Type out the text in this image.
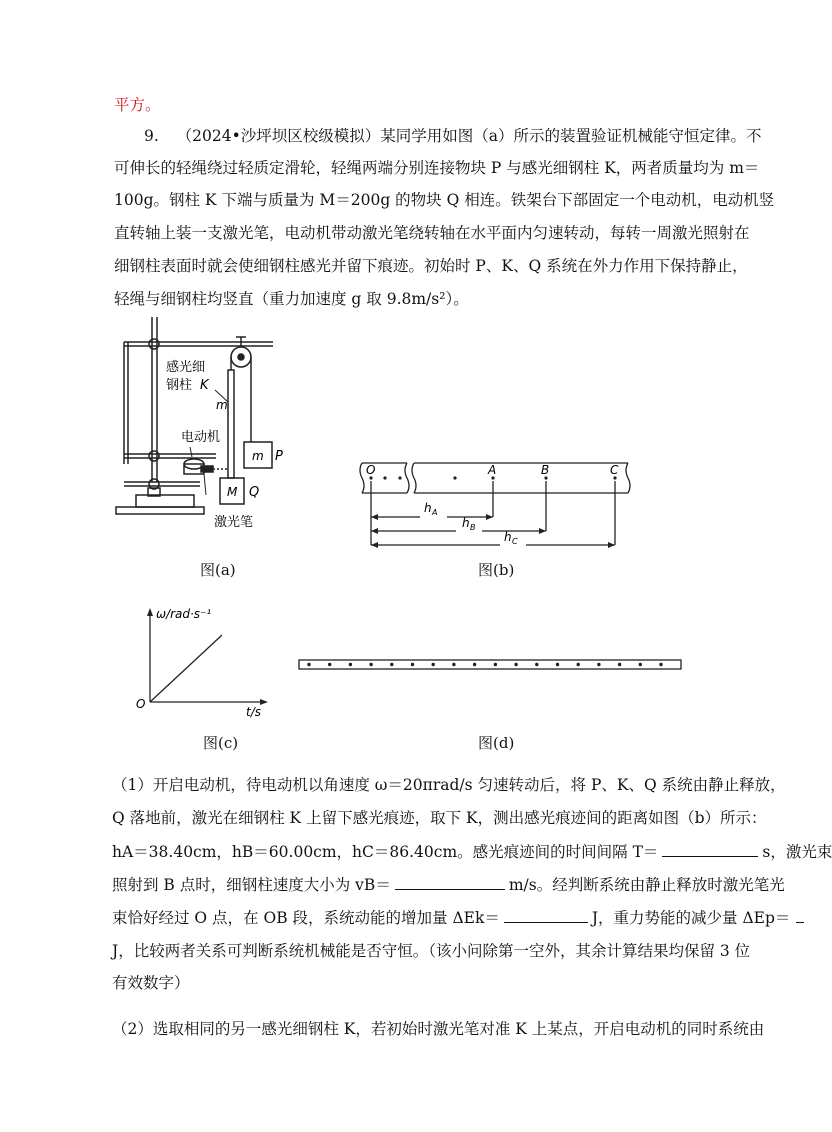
平方。
9. （2024•沙坪坝区校级模拟）某同学用如图（a）所示的装置验证机械能守恒定律。不
可伸长的轻绳绕过轻质定滑轮，轻绳两端分别连接物块 P 与感光细钢柱 K，两者质量均为 m＝
100g。钢柱 K 下端与质量为 M＝200g 的物块 Q 相连。铁架台下部固定一个电动机，电动机竖
直转轴上装一支激光笔，电动机带动激光笔绕转轴在水平面内匀速转动，每转一周激光照射在
细钢柱表面时就会使细钢柱感光并留下痕迹。初始时 P、K、Q 系统在外力作用下保持静止，
轻绳与细钢柱均竖直（重力加速度 g 取 9.8m/s²）。
感光细
钢柱 K
m
电动机
m P
M Q
激光笔
图(a)
O	A	B	C
h A
h B
h C
图(b)
ω/rad·s⁻¹
t/s
O
图(c)	图(d)
（1）开启电动机，待电动机以角速度 ω＝20πrad/s 匀速转动后，将 P、K、Q 系统由静止释放，
Q 落地前，激光在细钢柱 K 上留下感光痕迹，取下 K，测出感光痕迹间的距离如图（b）所示：
hA＝38.40cm，hB＝60.00cm，hC＝86.40cm。感光痕迹间的时间间隔 T＝	s，激光束
照射到 B 点时，细钢柱速度大小为 vB＝	m/s。经判断系统由静止释放时激光笔光
束恰好经过 O 点，在 OB 段，系统动能的增加量 ΔEk＝	J，重力势能的减少量 ΔEp＝
J，比较两者关系可判断系统机械能是否守恒。（该小问除第一空外，其余计算结果均保留 3 位
有效数字）
（2）选取相同的另一感光细钢柱 K，若初始时激光笔对准 K 上某点，开启电动机的同时系统由
